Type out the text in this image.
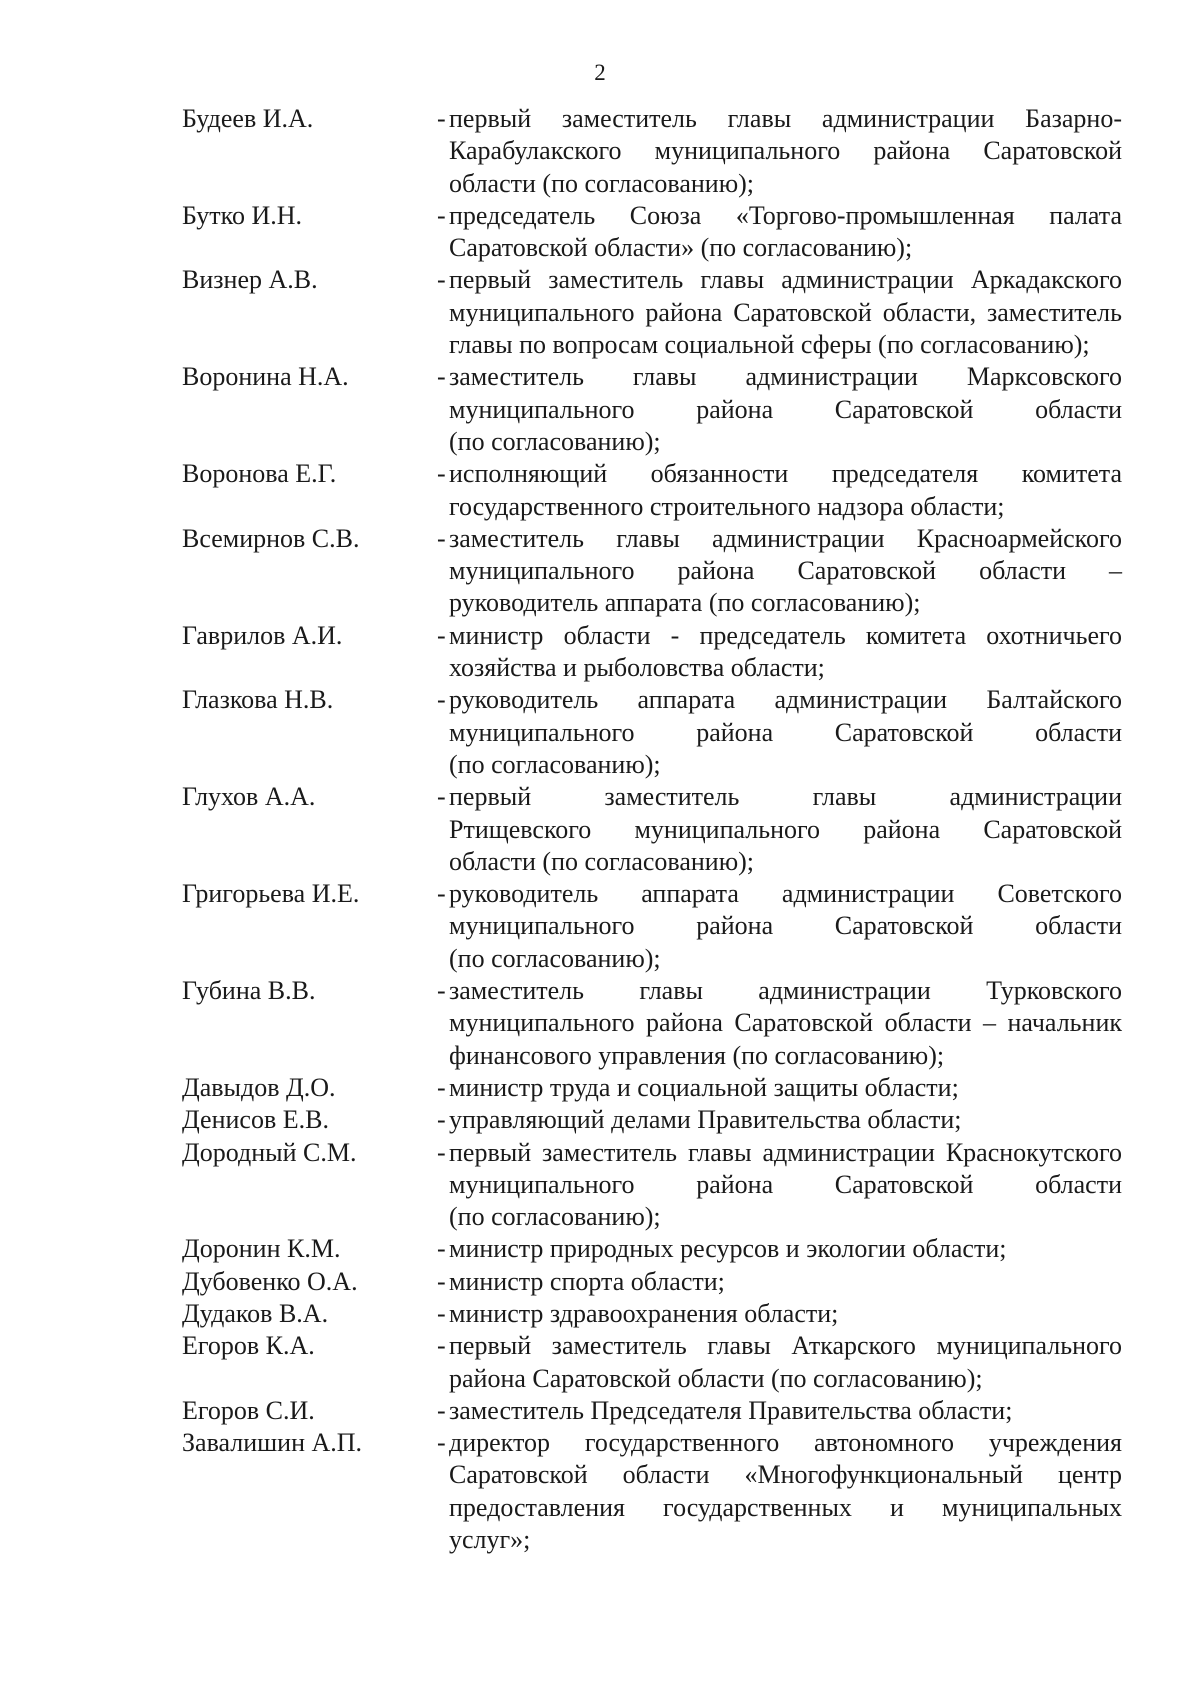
2
Будеев И.А.	- первый заместитель главы администрации Базарно-
Карабулакского муниципального района Саратовской
области (по согласованию);
Бутко И.Н.	- председатель Союза «Торгово-промышленная палата
Саратовской области» (по согласованию);
Визнер А.В.	- первый заместитель главы администрации Аркадакского
муниципального района Саратовской области, заместитель
главы по вопросам социальной сферы (по согласованию);
Воронина Н.А.	- заместитель главы администрации Марксовского
муниципального района Саратовской области
(по согласованию);
Воронова Е.Г.	- исполняющий обязанности председателя комитета
государственного строительного надзора области;
Всемирнов С.В.	- заместитель главы администрации Красноармейского
муниципального района Саратовской области –
руководитель аппарата (по согласованию);
Гаврилов А.И.	- министр области - председатель комитета охотничьего
хозяйства и рыболовства области;
Глазкова Н.В.	- руководитель аппарата администрации Балтайского
муниципального района Саратовской области
(по согласованию);
Глухов А.А.	- первый заместитель главы администрации
Ртищевского муниципального района Саратовской
области (по согласованию);
Григорьева И.Е.	- руководитель аппарата администрации Советского
муниципального района Саратовской области
(по согласованию);
Губина В.В.	- заместитель главы администрации Турковского
муниципального района Саратовской области – начальник
финансового управления (по согласованию);
Давыдов Д.О.	- министр труда и социальной защиты области;
Денисов Е.В.	- управляющий делами Правительства области;
Дородный С.М.	- первый заместитель главы администрации Краснокутского
муниципального района Саратовской области
(по согласованию);
Доронин К.М.	- министр природных ресурсов и экологии области;
Дубовенко О.А.	- министр спорта области;
Дудаков В.А.	- министр здравоохранения области;
Егоров К.А.	- первый заместитель главы Аткарского муниципального
района Саратовской области (по согласованию);
Егоров С.И.	- заместитель Председателя Правительства области;
Завалишин А.П.	- директор государственного автономного учреждения
Саратовской области «Многофункциональный центр
предоставления государственных и муниципальных
услуг»;
